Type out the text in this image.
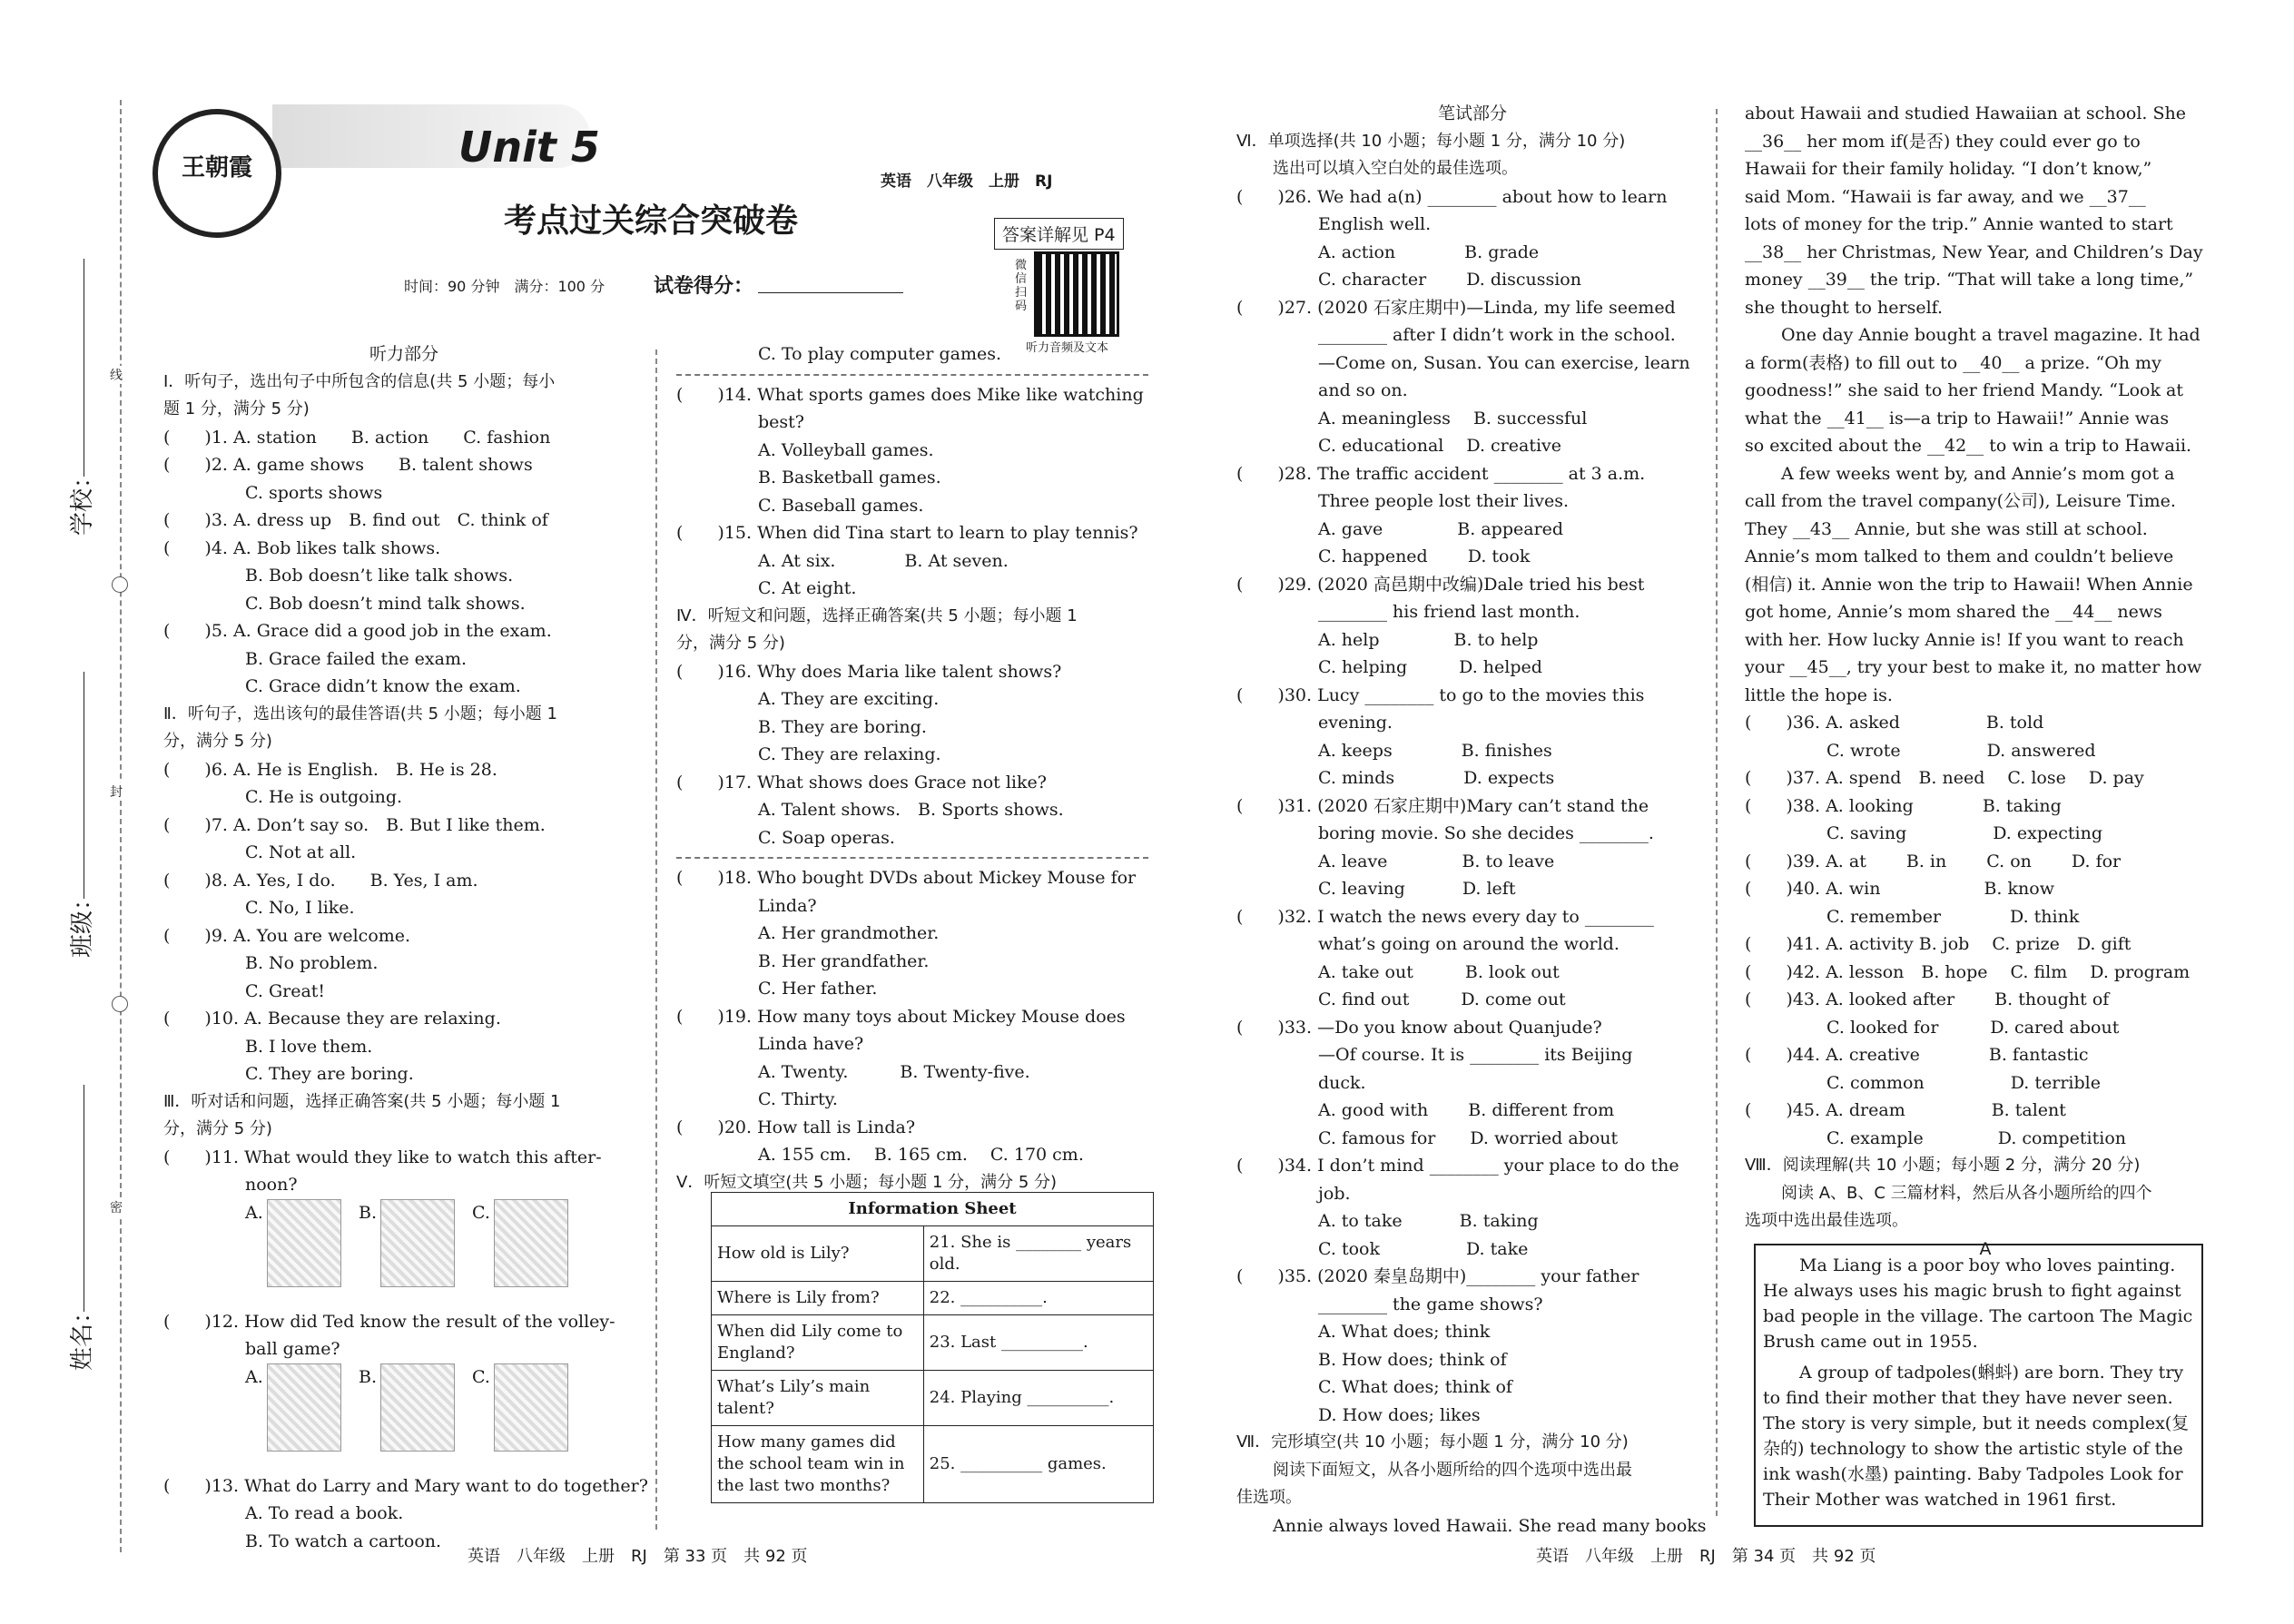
学校：
班级：
姓名：
线
封
密
王朝霞	Unit 5
英语　八年级　上册　RJ
考点过关综合突破卷	答案详解见 P4
时间：90 分钟　满分：100 分 试卷得分：
微信扫码
听力音频及文本

听力部分

Ⅰ．听句子，选出句子中所包含的信息(共 5 小题；每小

题 1 分，满分 5 分)

(　　)1. A. station　　B. action　　C. fashion

(　　)2. A. game shows　　B. talent shows

C. sports shows

(　　)3. A. dress up　B. find out　C. think of

(　　)4. A. Bob likes talk shows.

B. Bob doesn’t like talk shows.

C. Bob doesn’t mind talk shows.

(　　)5. A. Grace did a good job in the exam.

B. Grace failed the exam.

C. Grace didn’t know the exam.

Ⅱ．听句子，选出该句的最佳答语(共 5 小题；每小题 1

分，满分 5 分)

(　　)6. A. He is English.　B. He is 28.

C. He is outgoing.

(　　)7. A. Don’t say so.　B. But I like them.

C. Not at all.

(　　)8. A. Yes, I do.　　B. Yes, I am.

C. No, I like.

(　　)9. A. You are welcome.

B. No problem.

C. Great!

(　　)10. A. Because they are relaxing.

B. I love them.

C. They are boring.

Ⅲ．听对话和问题，选择正确答案(共 5 小题；每小题 1

分，满分 5 分)

(　　)11. What would they like to watch this after-

noon?

A.	B.	C.

(　　)12. How did Ted know the result of the volley-

ball game?

A.	B.	C.

(　　)13. What do Larry and Mary want to do together?

A. To read a book.

B. To watch a cartoon.

C. To play computer games.

(　　)14. What sports games does Mike like watching

best?

A. Volleyball games.

B. Basketball games.

C. Baseball games.

(　　)15. When did Tina start to learn to play tennis?

A. At six.　　　　B. At seven.

C. At eight.

Ⅳ．听短文和问题，选择正确答案(共 5 小题；每小题 1

分，满分 5 分)

(　　)16. Why does Maria like talent shows?

A. They are exciting.

B. They are boring.

C. They are relaxing.

(　　)17. What shows does Grace not like?

A. Talent shows.　B. Sports shows.

C. Soap operas.

(　　)18. Who bought DVDs about Mickey Mouse for

Linda?

A. Her grandmother.

B. Her grandfather.

C. Her father.

(　　)19. How many toys about Mickey Mouse does

Linda have?

A. Twenty.　　　B. Twenty-five.

C. Thirty.

(　　)20. How tall is Linda?

A. 155 cm.　 B. 165 cm.　 C. 170 cm.

Ⅴ．听短文填空(共 5 小题；每小题 1 分，满分 5 分)

Information Sheet	
How old is Lily?	21. She is ________ years old.
Where is Lily from?	22. __________.
When did Lily come to England?	23. Last __________.
What’s Lily’s main talent?	24. Playing __________.
How many games did the school team win in the last two months?	25. __________ games.

笔试部分

Ⅵ．单项选择(共 10 小题；每小题 1 分，满分 10 分)

选出可以填入空白处的最佳选项。

(　　)26. We had a(n) ________ about how to learn

English well.

A. action　　　　B. grade

C. character　　 D. discussion

(　　)27. (2020 石家庄期中)—Linda, my life seemed

________ after I didn’t work in the school.

—Come on, Susan. You can exercise, learn

and so on.

A. meaningless　 B. successful

C. educational　 D. creative

(　　)28. The traffic accident ________ at 3 a.m.

Three people lost their lives.

A. gave　　　　 B. appeared

C. happened　　 D. took

(　　)29. (2020 高邑期中改编)Dale tried his best

________ his friend last month.

A. help　　　　 B. to help

C. helping　　　D. helped

(　　)30. Lucy ________ to go to the movies this

evening.

A. keeps　　　　B. finishes

C. minds　　　　D. expects

(　　)31. (2020 石家庄期中)Mary can’t stand the

boring movie. So she decides ________.

A. leave　　　　 B. to leave

C. leaving　　　 D. left

(　　)32. I watch the news every day to ________

what’s going on around the world.

A. take out　　　B. look out

C. find out　　　D. come out

(　　)33. —Do you know about Quanjude?

—Of course. It is ________ its Beijing

duck.

A. good with　　 B. different from

C. famous for　　D. worried about

(　　)34. I don’t mind ________ your place to do the

job.

A. to take　　　 B. taking

C. took　　　　　D. take

(　　)35. (2020 秦皇岛期中)________ your father

________ the game shows?

A. What does; think

B. How does; think of

C. What does; think of

D. How does; likes

Ⅶ．完形填空(共 10 小题；每小题 1 分，满分 10 分)

阅读下面短文，从各小题所给的四个选项中选出最

佳选项。

Annie always loved Hawaii. She read many books

about Hawaii and studied Hawaiian at school. She

__36__ her mom if(是否) they could ever go to

Hawaii for their family holiday. “I don’t know,”

said Mom. “Hawaii is far away, and we __37__

lots of money for the trip.” Annie wanted to start

__38__ her Christmas, New Year, and Children’s Day

money __39__ the trip. “That will take a long time,”

she thought to herself.

One day Annie bought a travel magazine. It had

a form(表格) to fill out to __40__ a prize. “Oh my

goodness!” she said to her friend Mandy. “Look at

what the __41__ is—a trip to Hawaii!” Annie was

so excited about the __42__ to win a trip to Hawaii.

A few weeks went by, and Annie’s mom got a

call from the travel company(公司), Leisure Time.

They __43__ Annie, but she was still at school.

Annie’s mom talked to them and couldn’t believe

(相信) it. Annie won the trip to Hawaii! When Annie

got home, Annie’s mom shared the __44__ news

with her. How lucky Annie is! If you want to reach

your __45__, try your best to make it, no matter how

little the hope is.

(　　)36. A. asked　　　　　B. told

C. wrote　　　　　D. answered

(　　)37. A. spend　B. need　 C. lose　 D. pay

(　　)38. A. looking　　　　B. taking

C. saving　　　　　D. expecting

(　　)39. A. at　　 B. in　　 C. on　　 D. for

(　　)40. A. win　　　　　　B. know

C. remember　　　　D. think

(　　)41. A. activity B. job　 C. prize　D. gift

(　　)42. A. lesson　B. hope　 C. film　 D. program

(　　)43. A. looked after　　 B. thought of

C. looked for　　　D. cared about

(　　)44. A. creative　　　　B. fantastic

C. common　　　　　D. terrible

(　　)45. A. dream　　　　　B. talent

C. example　　　　 D. competition

Ⅷ．阅读理解(共 10 小题；每小题 2 分，满分 20 分)

阅读 A、B、C 三篇材料，然后从各小题所给的四个

选项中选出最佳选项。

A

Ma Liang is a poor boy who loves painting. He always uses his magic brush to fight against bad people in the village. The cartoon The Magic Brush came out in 1955.

A group of tadpoles(蝌蚪) are born. They try to find their mother that they have never seen. The story is very simple, but it needs complex(复杂的) technology to show the artistic style of the ink wash(水墨) painting. Baby Tadpoles Look for Their Mother was watched in 1961 first.

英语　八年级　上册　RJ　第 33 页　共 92 页	英语　八年级　上册　RJ　第 34 页　共 92 页
